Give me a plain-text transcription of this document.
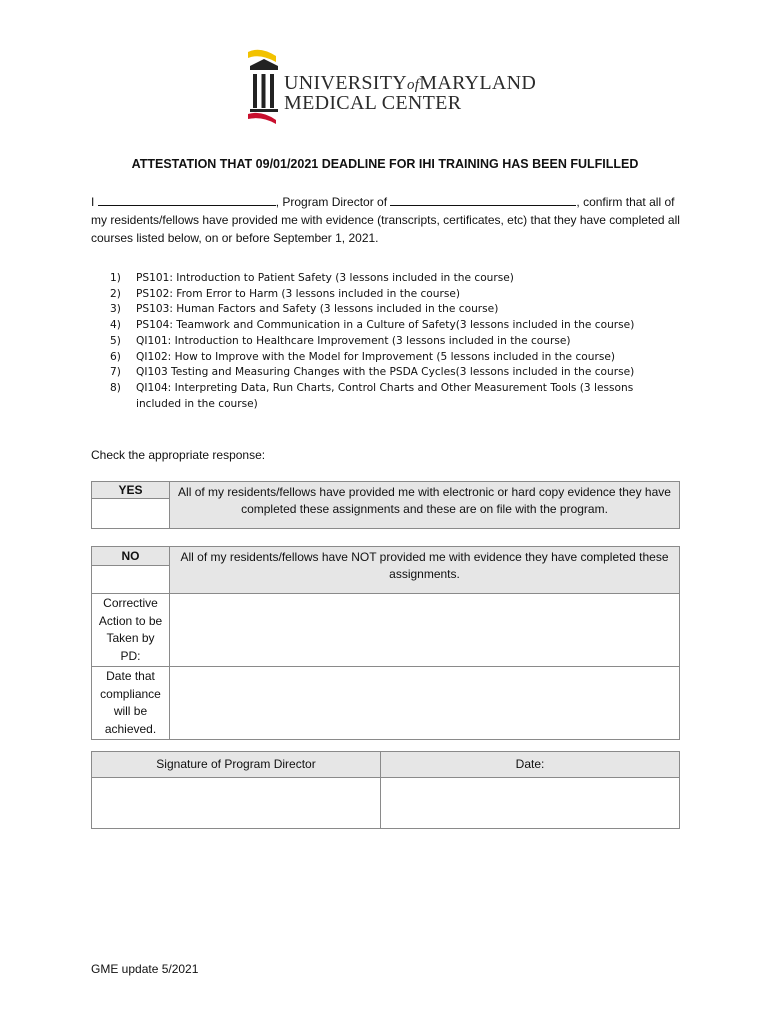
UNIVERSITYofMARYLAND
MEDICAL CENTER
ATTESTATION THAT 09/01/2021 DEADLINE FOR IHI TRAINING HAS BEEN FULFILLED
I	, Program Director of	, confirm that all of my residents/fellows have provided me with evidence (transcripts, certificates, etc) that they have completed all courses listed below, on or before September 1, 2021.
1) PS101: Introduction to Patient Safety (3 lessons included in the course)
2) PS102: From Error to Harm (3 lessons included in the course)
3) PS103: Human Factors and Safety (3 lessons included in the course)
4) PS104: Teamwork and Communication in a Culture of Safety(3 lessons included in the course)
5) QI101: Introduction to Healthcare Improvement (3 lessons included in the course)
6) QI102: How to Improve with the Model for Improvement (5 lessons included in the course)
7) QI103 Testing and Measuring Changes with the PSDA Cycles(3 lessons included in the course)
8) QI104: Interpreting Data, Run Charts, Control Charts and Other Measurement Tools (3 lessons included in the course)
Check the appropriate response:
YES	All of my residents/fellows have provided me with electronic or hard copy evidence they have completed these assignments and these are on file with the program.

NO	All of my residents/fellows have NOT provided me with evidence they have completed these assignments.

Corrective Action to be Taken by PD:	
Date that compliance will be achieved.	
Signature of Program Director	Date:

GME update 5/2021
